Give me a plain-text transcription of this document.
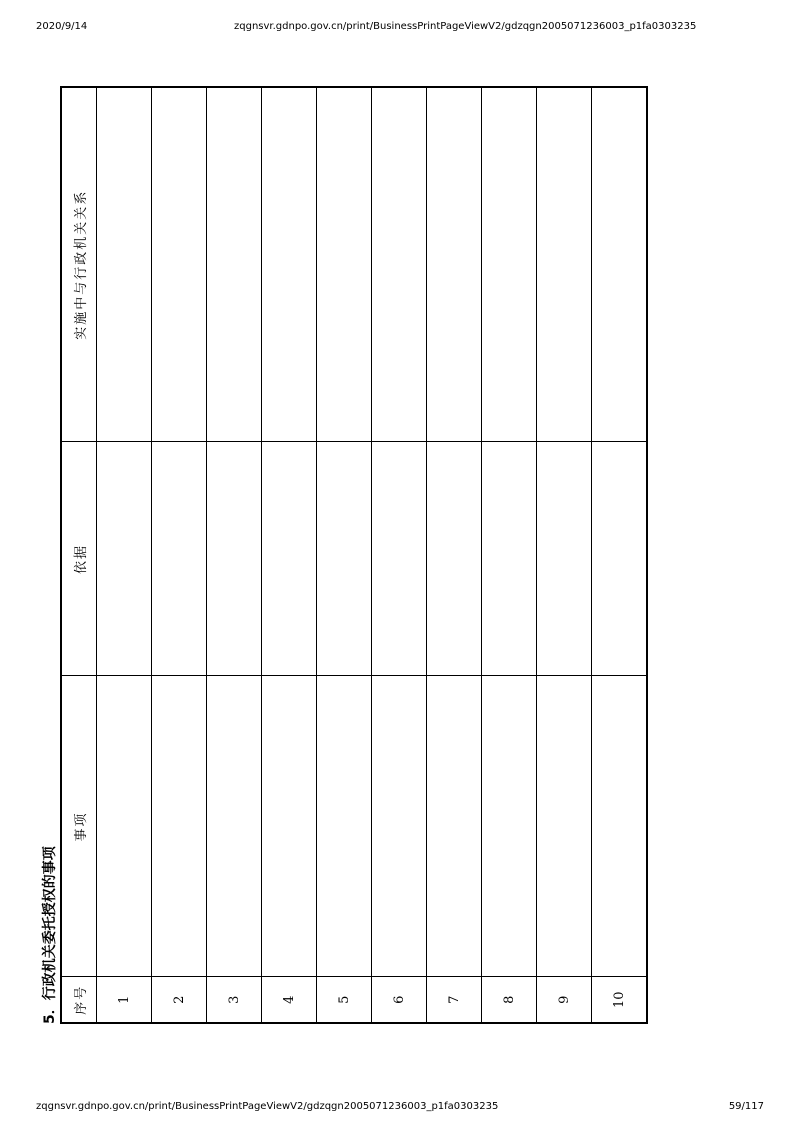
2020/9/14	zqgnsvr.gdnpo.gov.cn/print/BusinessPrintPageViewV2/gdzqgn2005071236003_p1fa0303235
5．行政机关委托授权的事项 序号	事项	依据	实施中与行政机关关系
1			
2			
3			
4			
5			
6			
7			
8			
9			
10			
zqgnsvr.gdnpo.gov.cn/print/BusinessPrintPageViewV2/gdzqgn2005071236003_p1fa0303235	59/117
